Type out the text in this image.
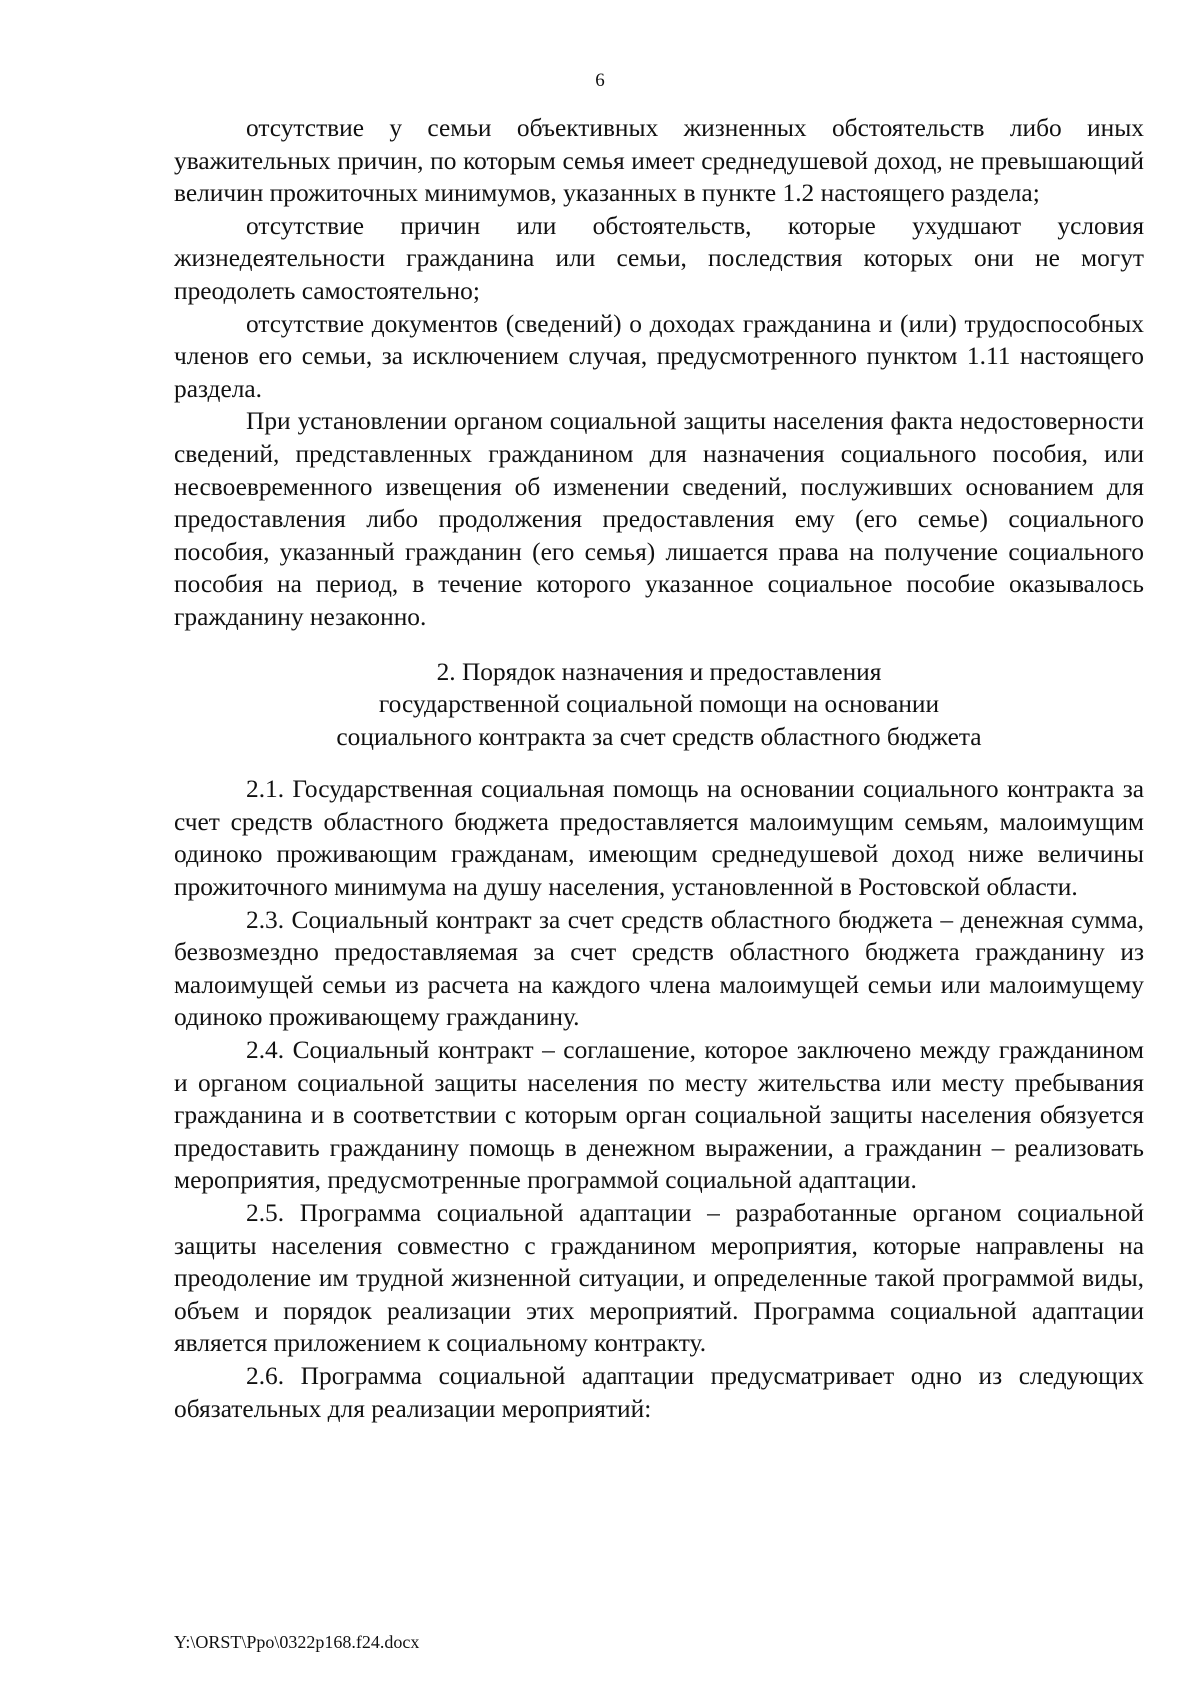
6

отсутствие у семьи объективных жизненных обстоятельств либо иных уважительных причин, по которым семья имеет среднедушевой доход, не превышающий величин прожиточных минимумов, указанных в пункте 1.2 настоящего раздела;

отсутствие причин или обстоятельств, которые ухудшают условия жизнедеятельности гражданина или семьи, последствия которых они не могут преодолеть самостоятельно;

отсутствие документов (сведений) о доходах гражданина и (или) трудоспособных членов его семьи, за исключением случая, предусмотренного пунктом 1.11 настоящего раздела.

При установлении органом социальной защиты населения факта недостоверности сведений, представленных гражданином для назначения социального пособия, или несвоевременного извещения об изменении сведений, послуживших основанием для предоставления либо продолжения предоставления ему (его семье) социального пособия, указанный гражданин (его семья) лишается права на получение социального пособия на период, в течение которого указанное социальное пособие оказывалось гражданину незаконно.

2. Порядок назначения и предоставления
государственной социальной помощи на основании
социального контракта за счет средств областного бюджета

2.1. Государственная социальная помощь на основании социального контракта за счет средств областного бюджета предоставляется малоимущим семьям, малоимущим одиноко проживающим гражданам, имеющим среднедушевой доход ниже величины прожиточного минимума на душу населения, установленной в Ростовской области.

2.3. Социальный контракт за счет средств областного бюджета – денежная сумма, безвозмездно предоставляемая за счет средств областного бюджета гражданину из малоимущей семьи из расчета на каждого члена малоимущей семьи или малоимущему одиноко проживающему гражданину.

2.4. Социальный контракт – соглашение, которое заключено между гражданином и органом социальной защиты населения по месту жительства или месту пребывания гражданина и в соответствии с которым орган социальной защиты населения обязуется предоставить гражданину помощь в денежном выражении, а гражданин – реализовать мероприятия, предусмотренные программой социальной адаптации.

2.5. Программа социальной адаптации – разработанные органом социальной защиты населения совместно с гражданином мероприятия, которые направлены на преодоление им трудной жизненной ситуации, и определенные такой программой виды, объем и порядок реализации этих мероприятий. Программа социальной адаптации является приложением к социальному контракту.

2.6. Программа социальной адаптации предусматривает одно из следующих обязательных для реализации мероприятий:

Y:\ORST\Ppo\0322p168.f24.docx
